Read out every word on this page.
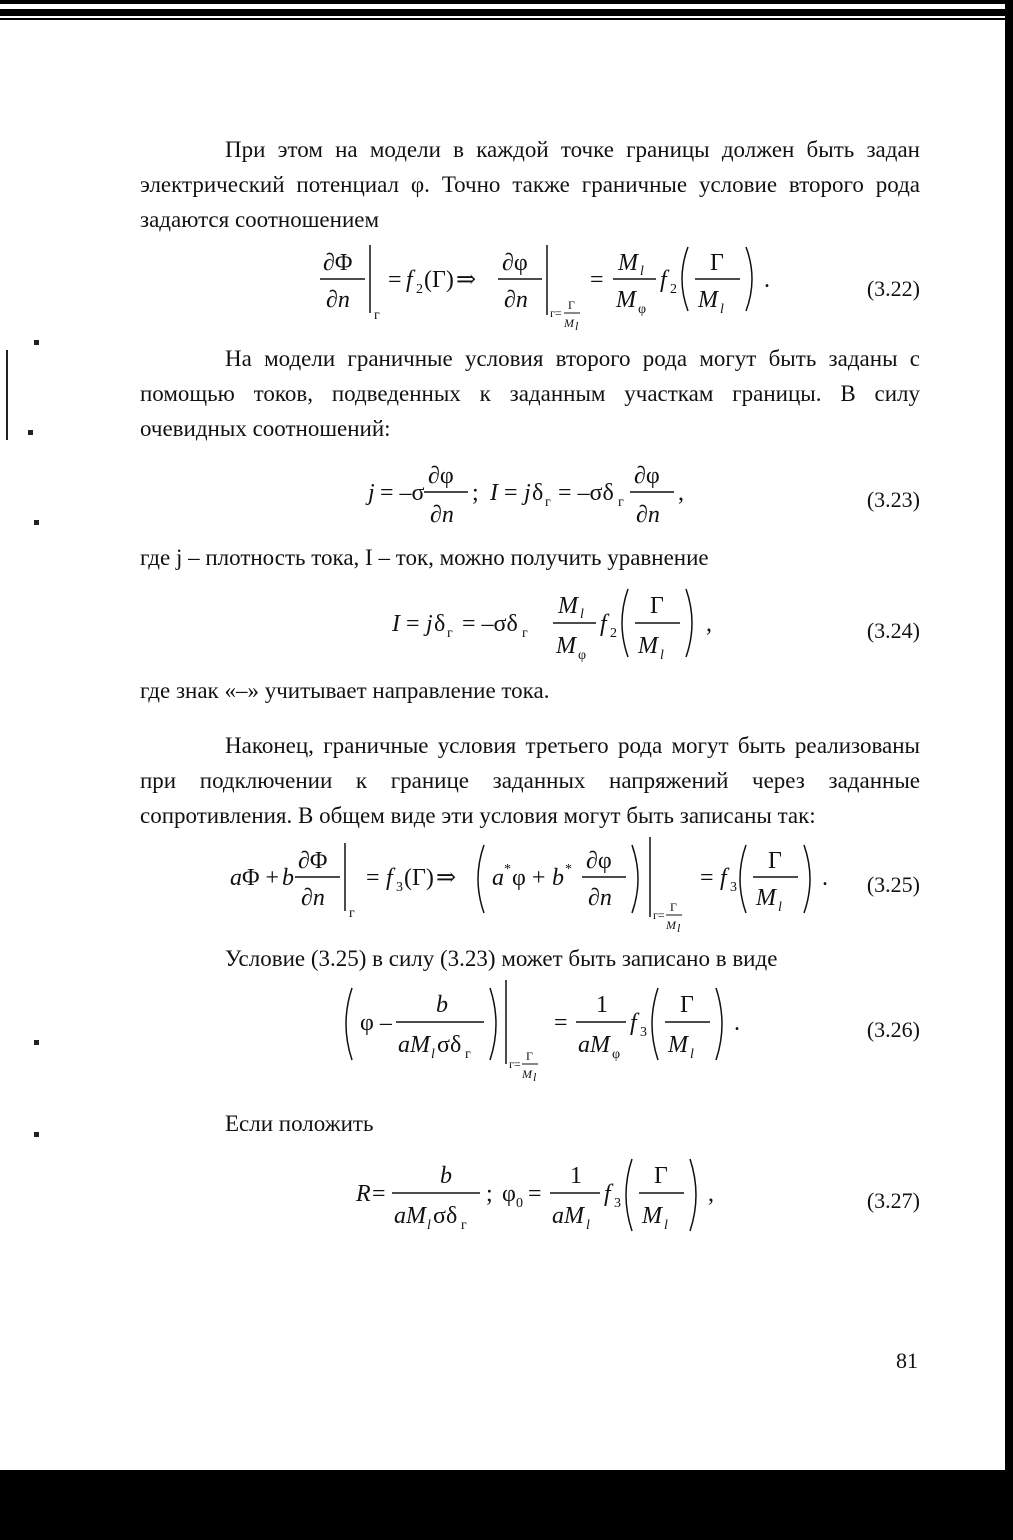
При этом на модели в каждой точке границы должен быть задан электрический потенциал φ. Точно также граничные условие второго рода задаются соотношением

∂Φ
∂n
г
= f 2 (Г) ⇒
∂φ
∂n г=
Г
M l
=
M l
M φ
f 2
Г
M l
.	(3.22)

На модели граничные условия второго рода могут быть заданы с помощью токов, подведенных к заданным участкам границы. В силу очевидных соотношений:

j = –σ
∂φ
∂n
; I = j δ г = –σδ г
∂φ
∂n
,	(3.23)

где j – плотность тока, I – ток, можно получить уравнение

I = j δ г = –σδ г
M l
M φ
f 2
Г
M l
,	(3.24)

где знак «–» учитывает направление тока.

Наконец, граничные условия третьего рода могут быть реализованы при подключении к границе заданных напряжений через заданные сопротивления. В общем виде эти условия могут быть записаны так:

a Φ + b
∂Φ
∂n
г
= f 3 (Г) ⇒ a * φ + b * ∂φ
∂n
г=
Г
M l
= f 3
Г
M l
. (3.25)

Условие (3.25) в силу (3.23) может быть записано в виде

φ –
b
aM l σδ г
г=
Г
M l
=
1
aM φ
f 3
Г
M l
.	(3.26)

Если положить

R =
b
aM l σδ г
; φ 0 =
1
aM l
f 3
Г
M l
,	(3.27)
81
